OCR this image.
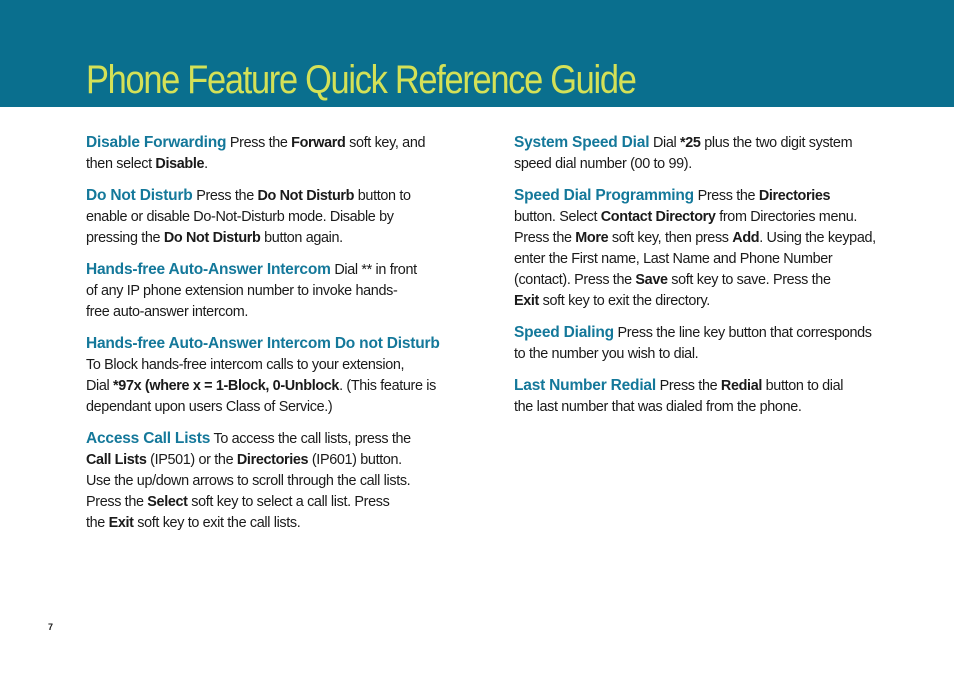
Phone Feature Quick Reference Guide
Disable Forwarding Press the Forward soft key, and
then select Disable.
Do Not Disturb Press the Do Not Disturb button to
enable or disable Do-Not-Disturb mode. Disable by
pressing the Do Not Disturb button again.
Hands-free Auto-Answer Intercom Dial ** in front
of any IP phone extension number to invoke hands-
free auto-answer intercom.
Hands-free Auto-Answer Intercom Do not Disturb
To Block hands-free intercom calls to your extension,
Dial *97x (where x = 1-Block, 0-Unblock. (This feature is
dependant upon users Class of Service.)
Access Call Lists To access the call lists, press the
Call Lists (IP501) or the Directories (IP601) button.
Use the up/down arrows to scroll through the call lists.
Press the Select soft key to select a call list. Press
the Exit soft key to exit the call lists.
System Speed Dial Dial *25 plus the two digit system
speed dial number (00 to 99).
Speed Dial Programming Press the Directories
button. Select Contact Directory from Directories menu.
Press the More soft key, then press Add. Using the keypad,
enter the First name, Last Name and Phone Number
(contact). Press the Save soft key to save. Press the
Exit soft key to exit the directory.
Speed Dialing Press the line key button that corresponds
to the number you wish to dial.
Last Number Redial Press the Redial button to dial
the last number that was dialed from the phone.
7
